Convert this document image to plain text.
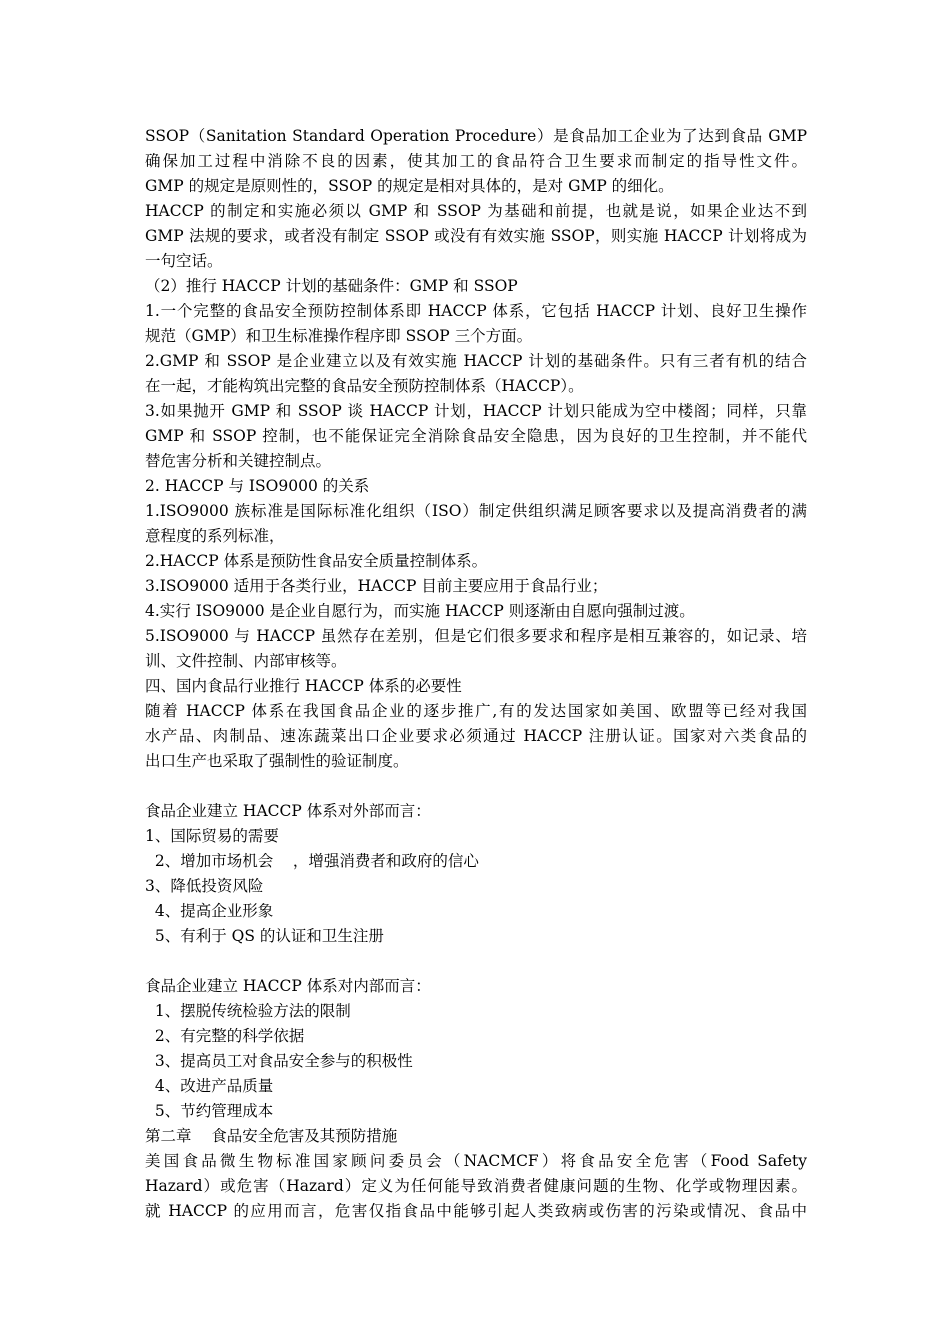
SSOP（Sanitation Standard Operation Procedure）是食品加工企业为了达到食品 GMP
确保加工过程中消除不良的因素，使其加工的食品符合卫生要求而制定的指导性文件。
GMP 的规定是原则性的，SSOP 的规定是相对具体的，是对 GMP 的细化。
HACCP 的制定和实施必须以 GMP 和 SSOP 为基础和前提，也就是说，如果企业达不到
GMP 法规的要求，或者没有制定 SSOP 或没有有效实施 SSOP，则实施 HACCP 计划将成为
一句空话。
（2）推行 HACCP 计划的基础条件：GMP 和 SSOP
1.一个完整的食品安全预防控制体系即 HACCP 体系，它包括 HACCP 计划、良好卫生操作
规范（GMP）和卫生标准操作程序即 SSOP 三个方面。
2.GMP 和 SSOP 是企业建立以及有效实施 HACCP 计划的基础条件。只有三者有机的结合
在一起，才能构筑出完整的食品安全预防控制体系（HACCP）。
3.如果抛开 GMP 和 SSOP 谈 HACCP 计划，HACCP 计划只能成为空中楼阁；同样，只靠
GMP 和 SSOP 控制，也不能保证完全消除食品安全隐患，因为良好的卫生控制，并不能代
替危害分析和关键控制点。
2. HACCP 与 ISO9000 的关系
1.ISO9000 族标准是国际标准化组织（ISO）制定供组织满足顾客要求以及提高消费者的满
意程度的系列标准，
2.HACCP 体系是预防性食品安全质量控制体系。
3.ISO9000 适用于各类行业，HACCP 目前主要应用于食品行业；
4.实行 ISO9000 是企业自愿行为，而实施 HACCP 则逐渐由自愿向强制过渡。
5.ISO9000 与 HACCP 虽然存在差别，但是它们很多要求和程序是相互兼容的，如记录、培
训、文件控制、内部审核等。
四、国内食品行业推行 HACCP 体系的必要性
随着 HACCP 体系在我国食品企业的逐步推广,有的发达国家如美国、欧盟等已经对我国
水产品、肉制品、速冻蔬菜出口企业要求必须通过 HACCP 注册认证。国家对六类食品的
出口生产也采取了强制性的验证制度。
食品企业建立 HACCP 体系对外部而言：
1、国际贸易的需要
2、增加市场机会    ，增强消费者和政府的信心
3、降低投资风险
4、提高企业形象
5、有利于 QS 的认证和卫生注册
食品企业建立 HACCP 体系对内部而言：
1、摆脱传统检验方法的限制
2、有完整的科学依据
3、提高员工对食品安全参与的积极性
4、改进产品质量
5、节约管理成本
第二章    食品安全危害及其预防措施
美国食品微生物标准国家顾问委员会（NACMCF）将食品安全危害（Food Safety
Hazard）或危害（Hazard）定义为任何能导致消费者健康问题的生物、化学或物理因素。
就 HACCP 的应用而言，危害仅指食品中能够引起人类致病或伤害的污染或情况、食品中
